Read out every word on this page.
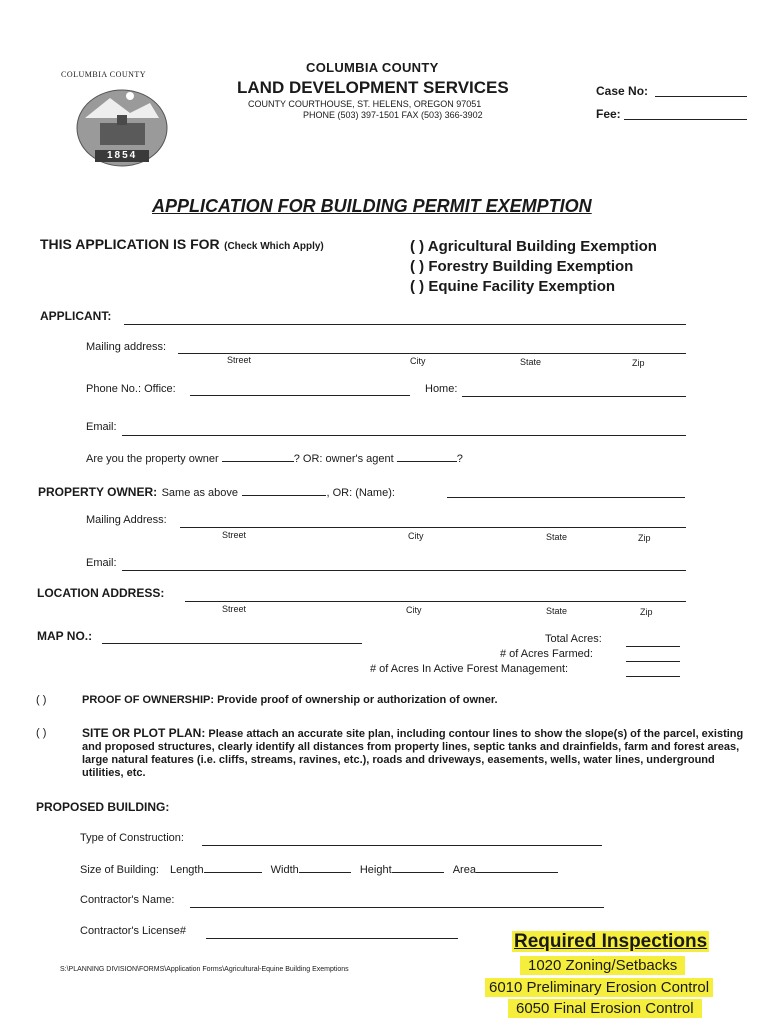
COLUMBIA COUNTY
1854
COLUMBIA COUNTY
LAND DEVELOPMENT SERVICES
COUNTY COURTHOUSE, ST. HELENS, OREGON 97051
PHONE (503) 397-1501 FAX (503) 366-3902
Case No:
Fee:
APPLICATION FOR BUILDING PERMIT EXEMPTION
THIS APPLICATION IS FOR (Check Which Apply)	( ) Agricultural Building Exemption
( ) Forestry Building Exemption
( ) Equine Facility Exemption
APPLICANT:
Mailing address:
Street	City	State	Zip
Phone No.: Office:	Home:
Email:
Are you the property owner	? OR: owner's agent	?
PROPERTY OWNER: Same as above	, OR: (Name):
Mailing Address:
Street	City	State	Zip
Email:
LOCATION ADDRESS:
Street	City	State	Zip
MAP NO.:	Total Acres:
# of Acres Farmed:
# of Acres In Active Forest Management:
( )	PROOF OF OWNERSHIP: Provide proof of ownership or authorization of owner.
( )	SITE OR PLOT PLAN: Please attach an accurate site plan, including contour lines to show the slope(s) of the parcel, existing and proposed structures, clearly identify all distances from property lines, septic tanks and drainfields, farm and forest areas, large natural features (i.e. cliffs, streams, ravines, etc.), roads and driveways, easements, wells, water lines, underground utilities, etc.
PROPOSED BUILDING:
Type of Construction:
Size of Building: Length	Width	Height	Area
Contractor's Name:
Contractor's License#	Required Inspections
1020 Zoning/Setbacks
6010 Preliminary Erosion Control
6050 Final Erosion Control
S:\PLANNING DIVISION\FORMS\Application Forms\Agricultural-Equine Building Exemptions
